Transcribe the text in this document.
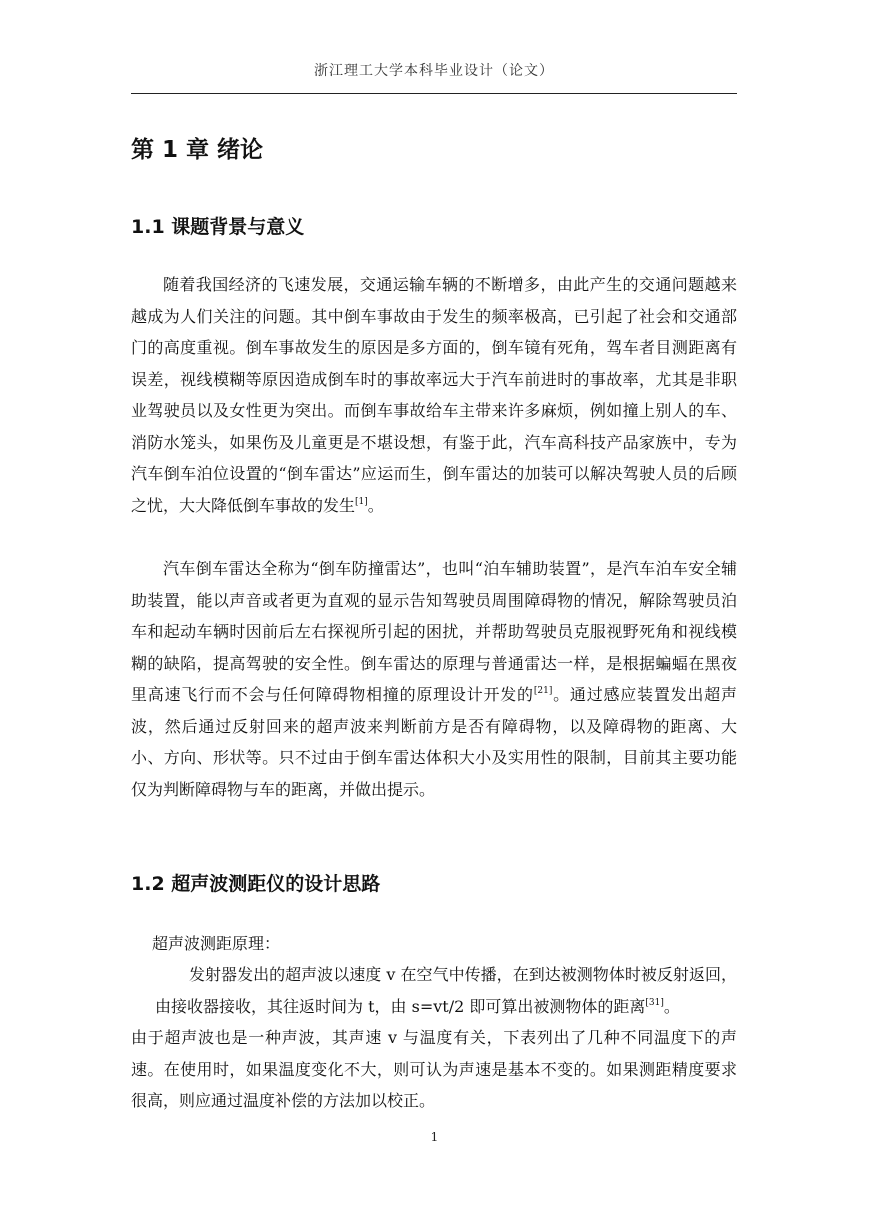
浙江理工大学本科毕业设计（论文）
第 1 章 绪论
1.1 课题背景与意义

随着我国经济的飞速发展，交通运输车辆的不断增多，由此产生的交通问题越来越成为人们关注的问题。其中倒车事故由于发生的频率极高，已引起了社会和交通部门的高度重视。倒车事故发生的原因是多方面的，倒车镜有死角，驾车者目测距离有误差，视线模糊等原因造成倒车时的事故率远大于汽车前进时的事故率，尤其是非职业驾驶员以及女性更为突出。而倒车事故给车主带来许多麻烦，例如撞上别人的车、消防水笼头，如果伤及儿童更是不堪设想，有鉴于此，汽车高科技产品家族中，专为汽车倒车泊位设置的“倒车雷达”应运而生，倒车雷达的加装可以解决驾驶人员的后顾之忧，大大降低倒车事故的发生[1]。

汽车倒车雷达全称为“倒车防撞雷达”，也叫“泊车辅助装置”，是汽车泊车安全辅助装置，能以声音或者更为直观的显示告知驾驶员周围障碍物的情况，解除驾驶员泊车和起动车辆时因前后左右探视所引起的困扰，并帮助驾驶员克服视野死角和视线模糊的缺陷，提高驾驶的安全性。倒车雷达的原理与普通雷达一样，是根据蝙蝠在黑夜里高速飞行而不会与任何障碍物相撞的原理设计开发的[21]。通过感应装置发出超声波，然后通过反射回来的超声波来判断前方是否有障碍物，以及障碍物的距离、大小、方向、形状等。只不过由于倒车雷达体积大小及实用性的限制，目前其主要功能仅为判断障碍物与车的距离，并做出提示。

1.2 超声波测距仪的设计思路

超声波测距原理：

发射器发出的超声波以速度 v 在空气中传播，在到达被测物体时被反射返回，由接收器接收，其往返时间为 t，由 s=vt/2 即可算出被测物体的距离[31]。

由于超声波也是一种声波，其声速 v 与温度有关，下表列出了几种不同温度下的声速。在使用时，如果温度变化不大，则可认为声速是基本不变的。如果测距精度要求很高，则应通过温度补偿的方法加以校正。

1
